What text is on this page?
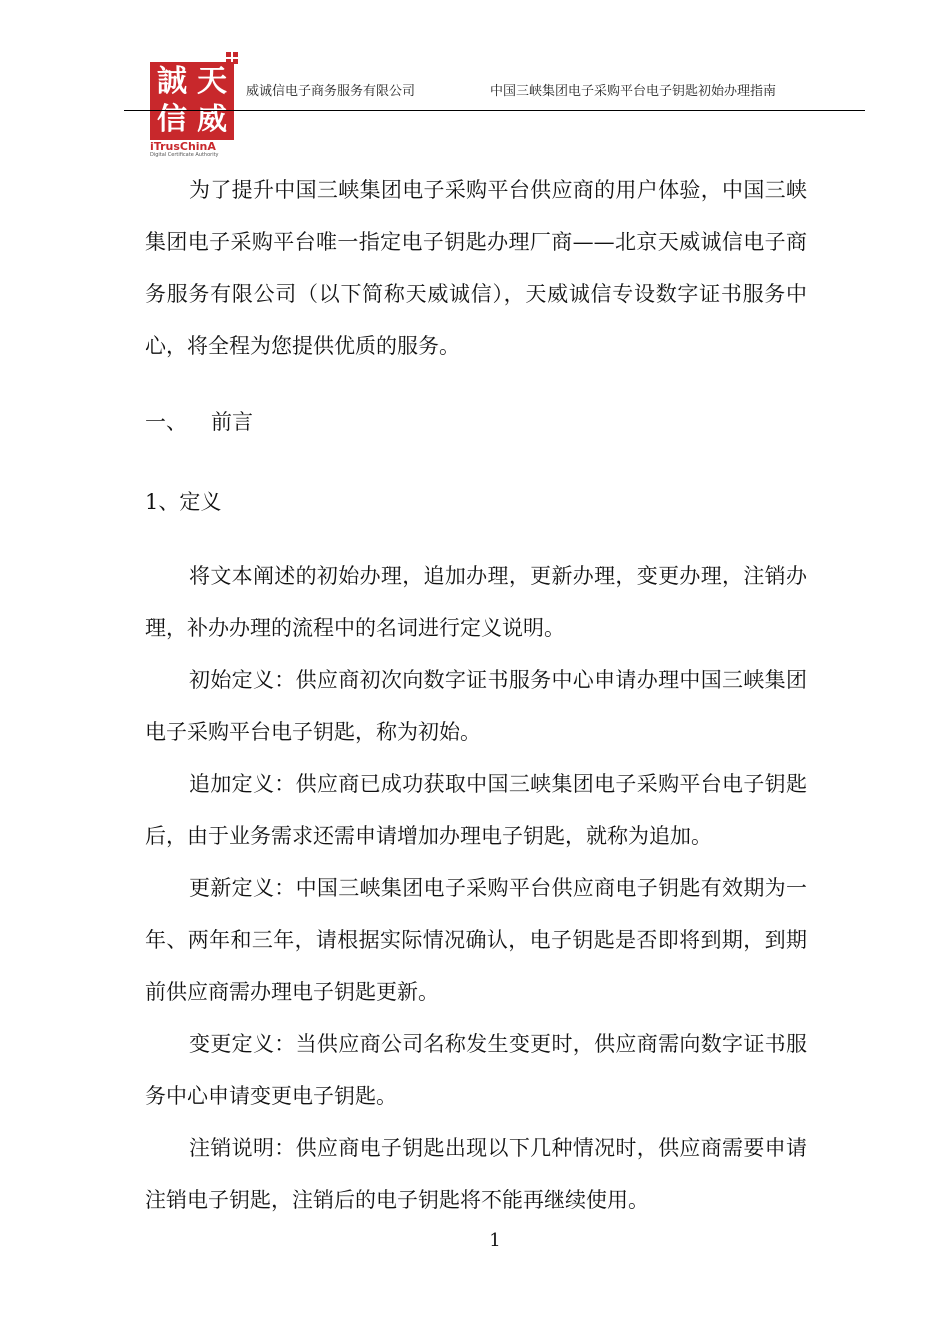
誠 天
信 威
iTrusChinA
Digital Certificate Authority
威诚信电子商务服务有限公司	中国三峡集团电子采购平台电子钥匙初始办理指南
为了提升中国三峡集团电子采购平台供应商的用户体验，中国三峡集团电子采购平台唯一指定电子钥匙办理厂商——北京天威诚信电子商务服务有限公司（以下简称天威诚信），天威诚信专设数字证书服务中心，将全程为您提供优质的服务。
一、 前言
1、定义
将文本阐述的初始办理，追加办理，更新办理，变更办理，注销办理，补办办理的流程中的名词进行定义说明。
初始定义：供应商初次向数字证书服务中心申请办理中国三峡集团电子采购平台电子钥匙，称为初始。
追加定义：供应商已成功获取中国三峡集团电子采购平台电子钥匙后，由于业务需求还需申请增加办理电子钥匙，就称为追加。
更新定义：中国三峡集团电子采购平台供应商电子钥匙有效期为一年、两年和三年，请根据实际情况确认，电子钥匙是否即将到期，到期前供应商需办理电子钥匙更新。
变更定义：当供应商公司名称发生变更时，供应商需向数字证书服务中心申请变更电子钥匙。
注销说明：供应商电子钥匙出现以下几种情况时，供应商需要申请注销电子钥匙，注销后的电子钥匙将不能再继续使用。
1
